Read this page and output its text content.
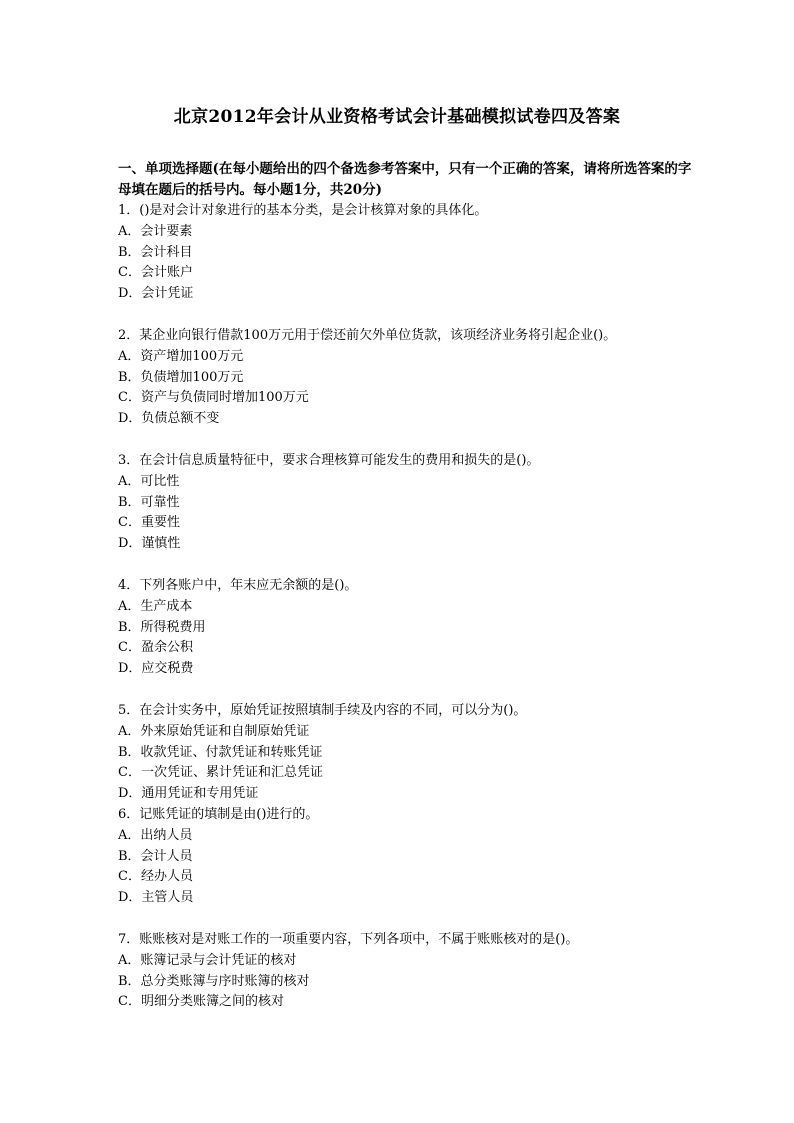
北京2012年会计从业资格考试会计基础模拟试卷四及答案
一、单项选择题(在每小题给出的四个备选参考答案中，只有一个正确的答案，请将所选答案的字母填在题后的括号内。每小题1分，共20分)
1．()是对会计对象进行的基本分类，是会计核算对象的具体化。
A．会计要素
B．会计科目
C．会计账户
D．会计凭证
2．某企业向银行借款100万元用于偿还前欠外单位货款，该项经济业务将引起企业()。
A．资产增加100万元
B．负债增加100万元
C．资产与负债同时增加100万元
D．负债总额不变
3．在会计信息质量特征中，要求合理核算可能发生的费用和损失的是()。
A．可比性
B．可靠性
C．重要性
D．谨慎性
4．下列各账户中，年末应无余额的是()。
A．生产成本
B．所得税费用
C．盈余公积
D．应交税费
5．在会计实务中，原始凭证按照填制手续及内容的不同，可以分为()。
A．外来原始凭证和自制原始凭证
B．收款凭证、付款凭证和转账凭证
C．一次凭证、累计凭证和汇总凭证
D．通用凭证和专用凭证
6．记账凭证的填制是由()进行的。
A．出纳人员
B．会计人员
C．经办人员
D．主管人员
7．账账核对是对账工作的一项重要内容，下列各项中，不属于账账核对的是()。
A．账簿记录与会计凭证的核对
B．总分类账簿与序时账簿的核对
C．明细分类账簿之间的核对
